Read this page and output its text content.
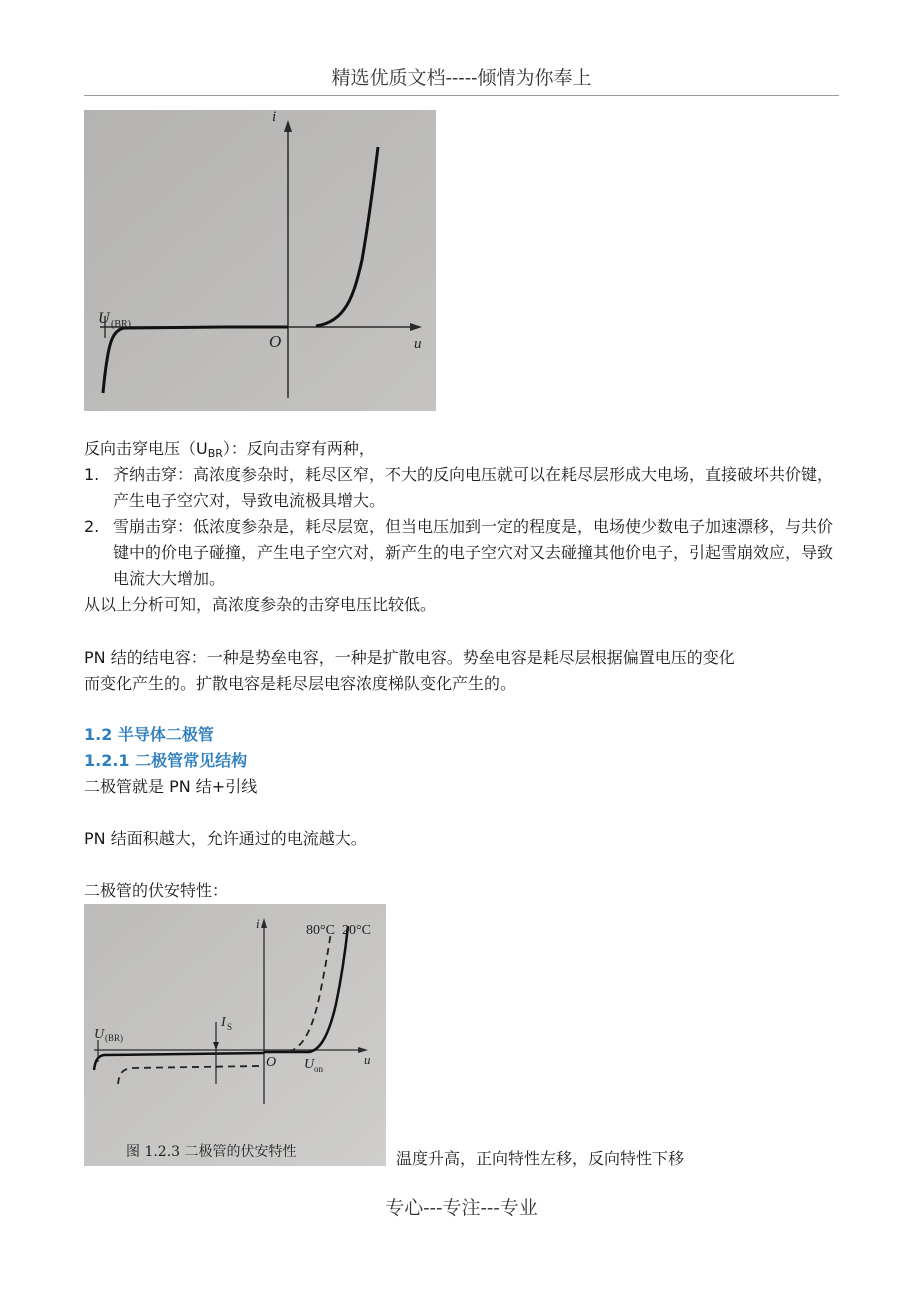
精选优质文档-----倾情为你奉上
i
u
O
U (BR)
反向击穿电压$(U_{BR})$：反向击穿有两种，
1. 齐纳击穿：高浓度参杂时，耗尽区窄，不大的反向电压就可以在耗尽层形成大电场，直接破坏共价键，产生电子空穴对，导致电流极具增大。
2. 雪崩击穿：低浓度参杂是，耗尽层宽，但当电压加到一定的程度是，电场使少数电子加速漂移，与共价键中的价电子碰撞，产生电子空穴对，新产生的电子空穴对又去碰撞其他价电子，引起雪崩效应，导致电流大大增加。
从以上分析可知，高浓度参杂的击穿电压比较低。
PN 结的结电容：一种是势垒电容，一种是扩散电容。势垒电容是耗尽层根据偏置电压的变化
而变化产生的。扩散电容是耗尽层电容浓度梯队变化产生的。
1.2 半导体二极管
1.2.1 二极管常见结构
二极管就是 PN 结+引线
PN 结面积越大，允许通过的电流越大。
二极管的伏安特性：
i
u
O
80°C 20°C
I S
U on
U (BR)
图 1.2.3 二极管的伏安特性	温度升高，正向特性左移，反向特性下移
专心---专注---专业
